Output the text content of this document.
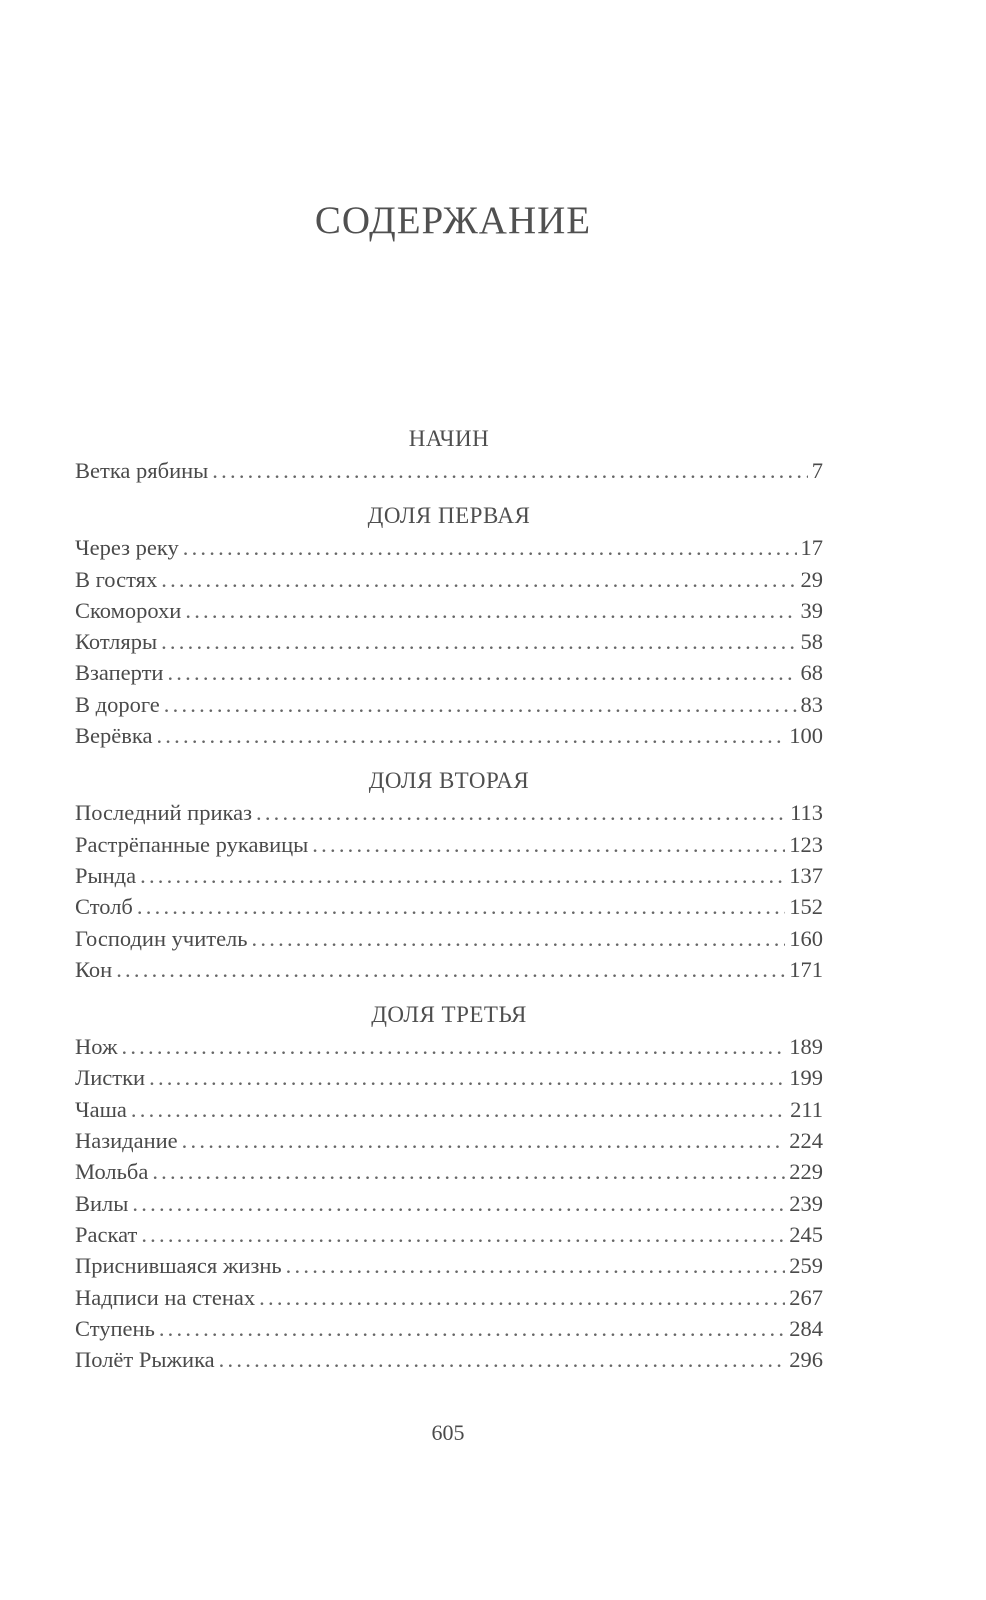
СОДЕРЖАНИЕ
НАЧИН
Ветка рябины . . .	7
ДОЛЯ ПЕРВАЯ
Через реку . . .	17
В гостях . . .	29
Скоморохи . . .	39
Котляры . . .	58
Взаперти . . .	68
В дороге . . .	83
Верёвка . . .	100
ДОЛЯ ВТОРАЯ
Последний приказ . . .	113
Растрёпанные рукавицы . . .	123
Рында . . .	137
Столб . . .	152
Господин учитель . . .	160
Кон . . .	171
ДОЛЯ ТРЕТЬЯ
Нож . . .	189
Листки . . .	199
Чаша . . .	211
Назидание . . .	224
Мольба . . .	229
Вилы . . .	239
Раскат . . .	245
Приснившаяся жизнь . . .	259
Надписи на стенах . . .	267
Ступень . . .	284
Полёт Рыжика . . .	296
605
